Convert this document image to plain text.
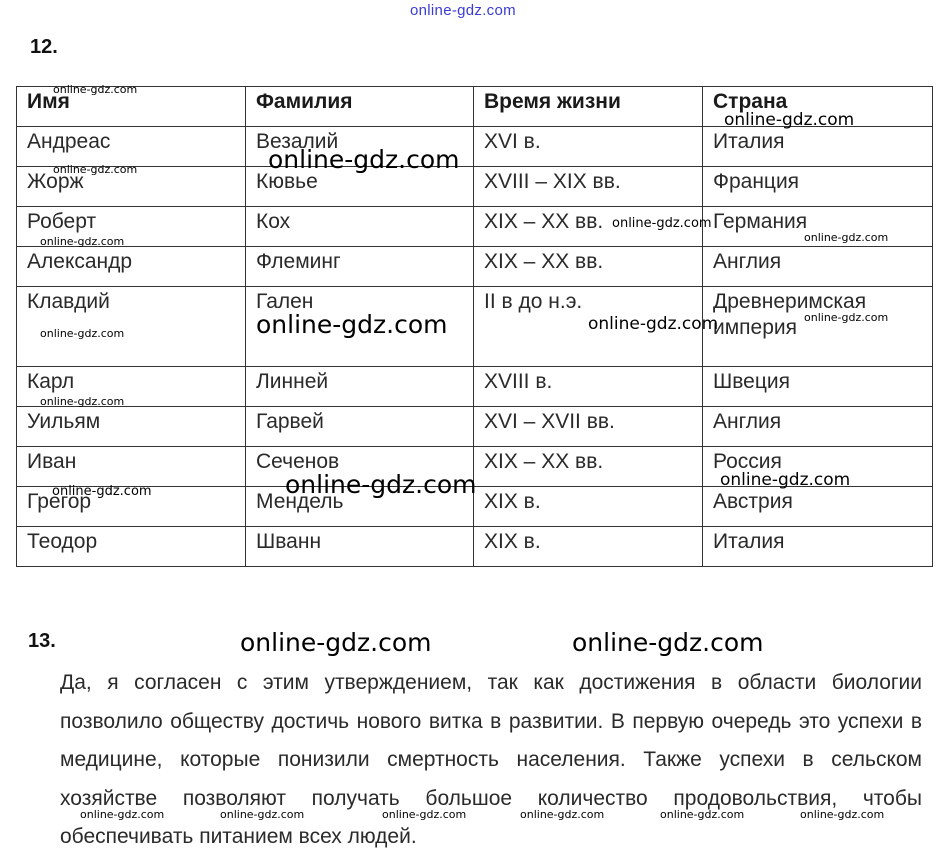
online-gdz.com
12.
Имя	Фамилия	Время жизни	Страна
Андреас	Везалий	XVI в.	Италия
Жорж	Кювье	XVIII – XIX вв.	Франция
Роберт	Кох	XIX – XX вв.	Германия
Александр	Флеминг	XIX – XX вв.	Англия
Клавдий	Гален	II в до н.э.	Древнеримская империя
Карл	Линней	XVIII в.	Швеция
Уильям	Гарвей	XVI – XVII вв.	Англия
Иван	Сеченов	XIX – XX вв.	Россия
Грегор	Мендель	XIX в.	Австрия
Теодор	Шванн	XIX в.	Италия
13.

Да, я согласен с этим утверждением, так как достижения в области биологии позволило обществу достичь нового витка в развитии. В первую очередь это успехи в медицине, которые понизили смертность населения. Также успехи в сельском хозяйстве позволяют получать большое количество продовольствия, чтобы обеспечивать питанием всех людей.

online-gdz.com
online-gdz.com
online-gdz.com
online-gdz.com
online-gdz.com
online-gdz.com
online-gdz.com
online-gdz.com
online-gdz.com
online-gdz.com	online-gdz.com	online-gdz.com
online-gdz.com	online-gdz.com
online-gdz.com
online-gdz.com	online-gdz.com
online-gdz.com	online-gdz.com	online-gdz.com	online-gdz.com	online-gdz.com	online-gdz.com
